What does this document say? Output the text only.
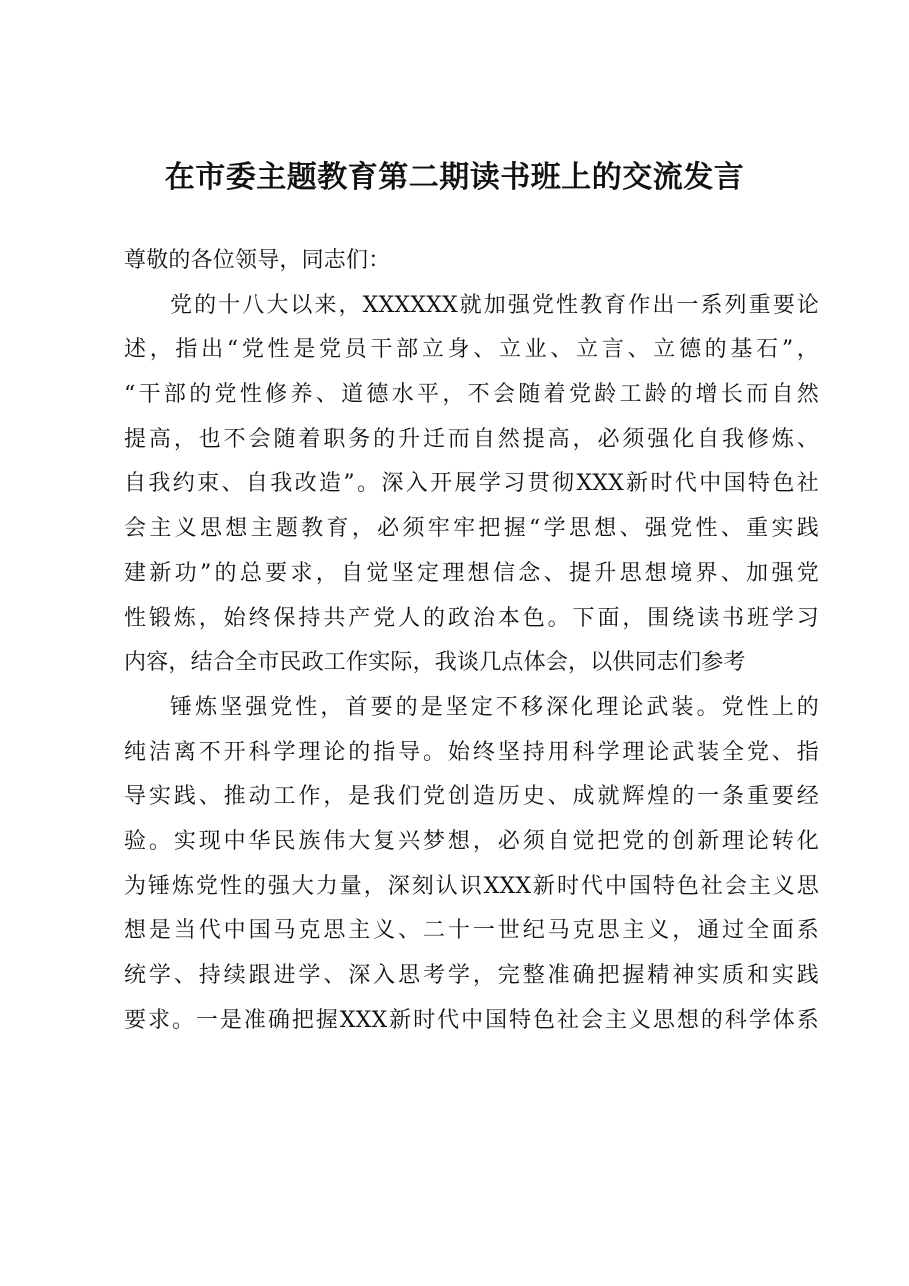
在市委主题教育第二期读书班上的交流发言
尊敬的各位领导，同志们：
党的十八大以来，XXXXXX就加强党性教育作出一系列重要论
述，指出“党性是党员干部立身、立业、立言、立德的基石”，
“干部的党性修养、道德水平，不会随着党龄工龄的增长而自然
提高，也不会随着职务的升迁而自然提高，必须强化自我修炼、
自我约束、自我改造”。深入开展学习贯彻XXX新时代中国特色社
会主义思想主题教育，必须牢牢把握“学思想、强党性、重实践
建新功”的总要求，自觉坚定理想信念、提升思想境界、加强党
性锻炼，始终保持共产党人的政治本色。下面，围绕读书班学习
内容，结合全市民政工作实际，我谈几点体会，以供同志们参考
锤炼坚强党性，首要的是坚定不移深化理论武装。党性上的
纯洁离不开科学理论的指导。始终坚持用科学理论武装全党、指
导实践、推动工作，是我们党创造历史、成就辉煌的一条重要经
验。实现中华民族伟大复兴梦想，必须自觉把党的创新理论转化
为锤炼党性的强大力量，深刻认识XXX新时代中国特色社会主义思
想是当代中国马克思主义、二十一世纪马克思主义，通过全面系
统学、持续跟进学、深入思考学，完整准确把握精神实质和实践
要求。一是准确把握XXX新时代中国特色社会主义思想的科学体系
